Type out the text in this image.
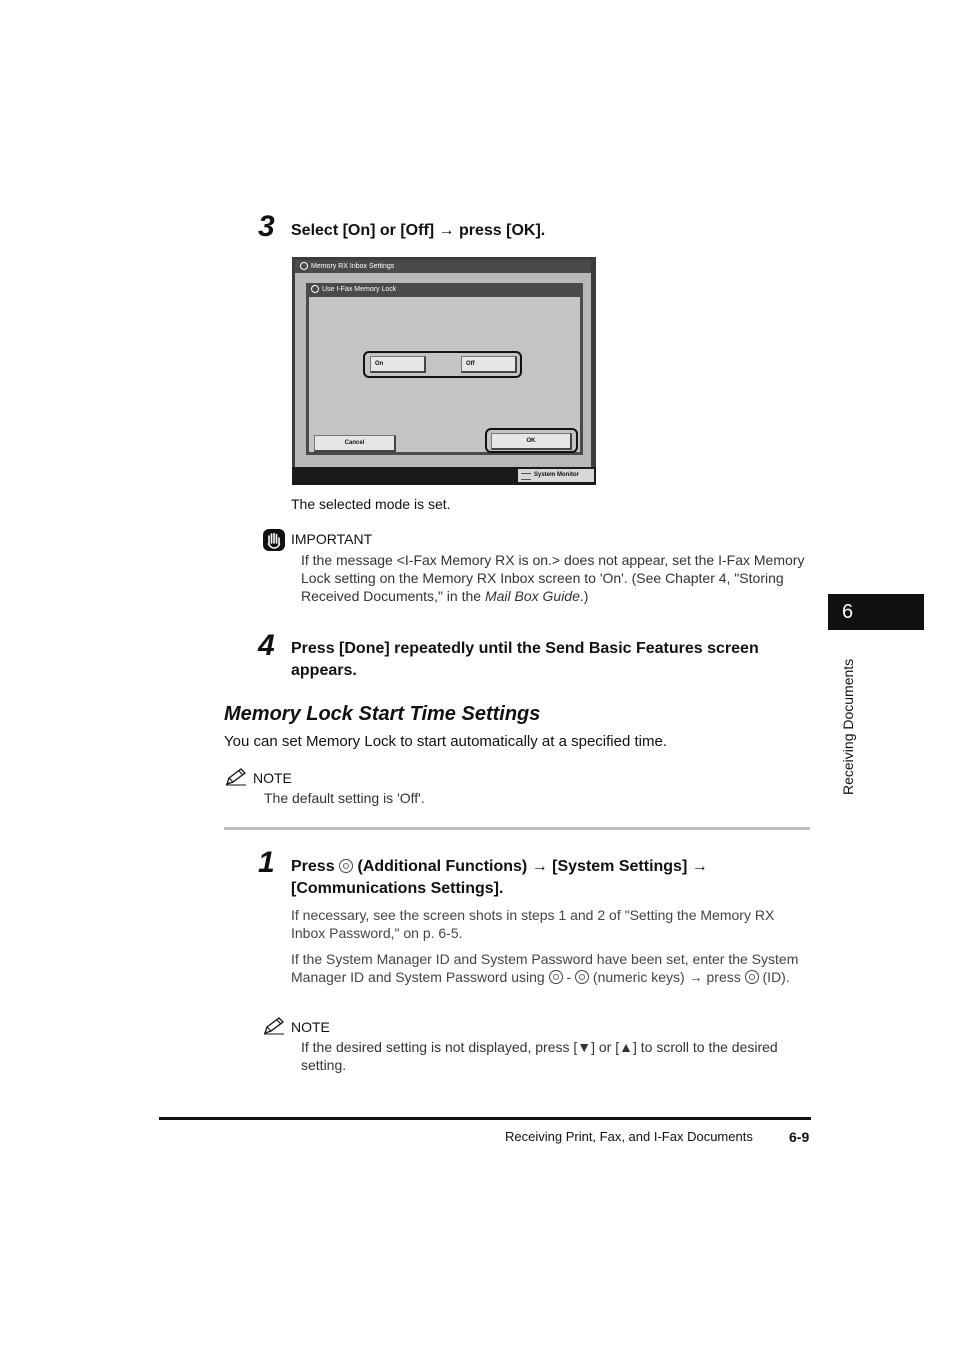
3 Select [On] or [Off] → press [OK].
Memory RX Inbox Settings
Use I-Fax Memory Lock
On	Off
Cancel	OK
System Monitor
The selected mode is set.
IMPORTANT
If the message <I-Fax Memory RX is on.> does not appear, set the I-Fax Memory Lock setting on the Memory RX Inbox screen to 'On'. (See Chapter 4, "Storing Received Documents," in the Mail Box Guide.)
4 Press [Done] repeatedly until the Send Basic Features screen appears.
Memory Lock Start Time Settings
You can set Memory Lock to start automatically at a specified time.
NOTE
The default setting is 'Off'.
1 Press (Additional Functions) → [System Settings] → [Communications Settings].
If necessary, see the screen shots in steps 1 and 2 of "Setting the Memory RX Inbox Password," on p. 6-5.
If the System Manager ID and System Password have been set, enter the System Manager ID and System Password using - (numeric keys) → press (ID).
NOTE
If the desired setting is not displayed, press [▼] or [▲] to scroll to the desired setting.
6
Receiving Documents
Receiving Print, Fax, and I-Fax Documents	6-9
